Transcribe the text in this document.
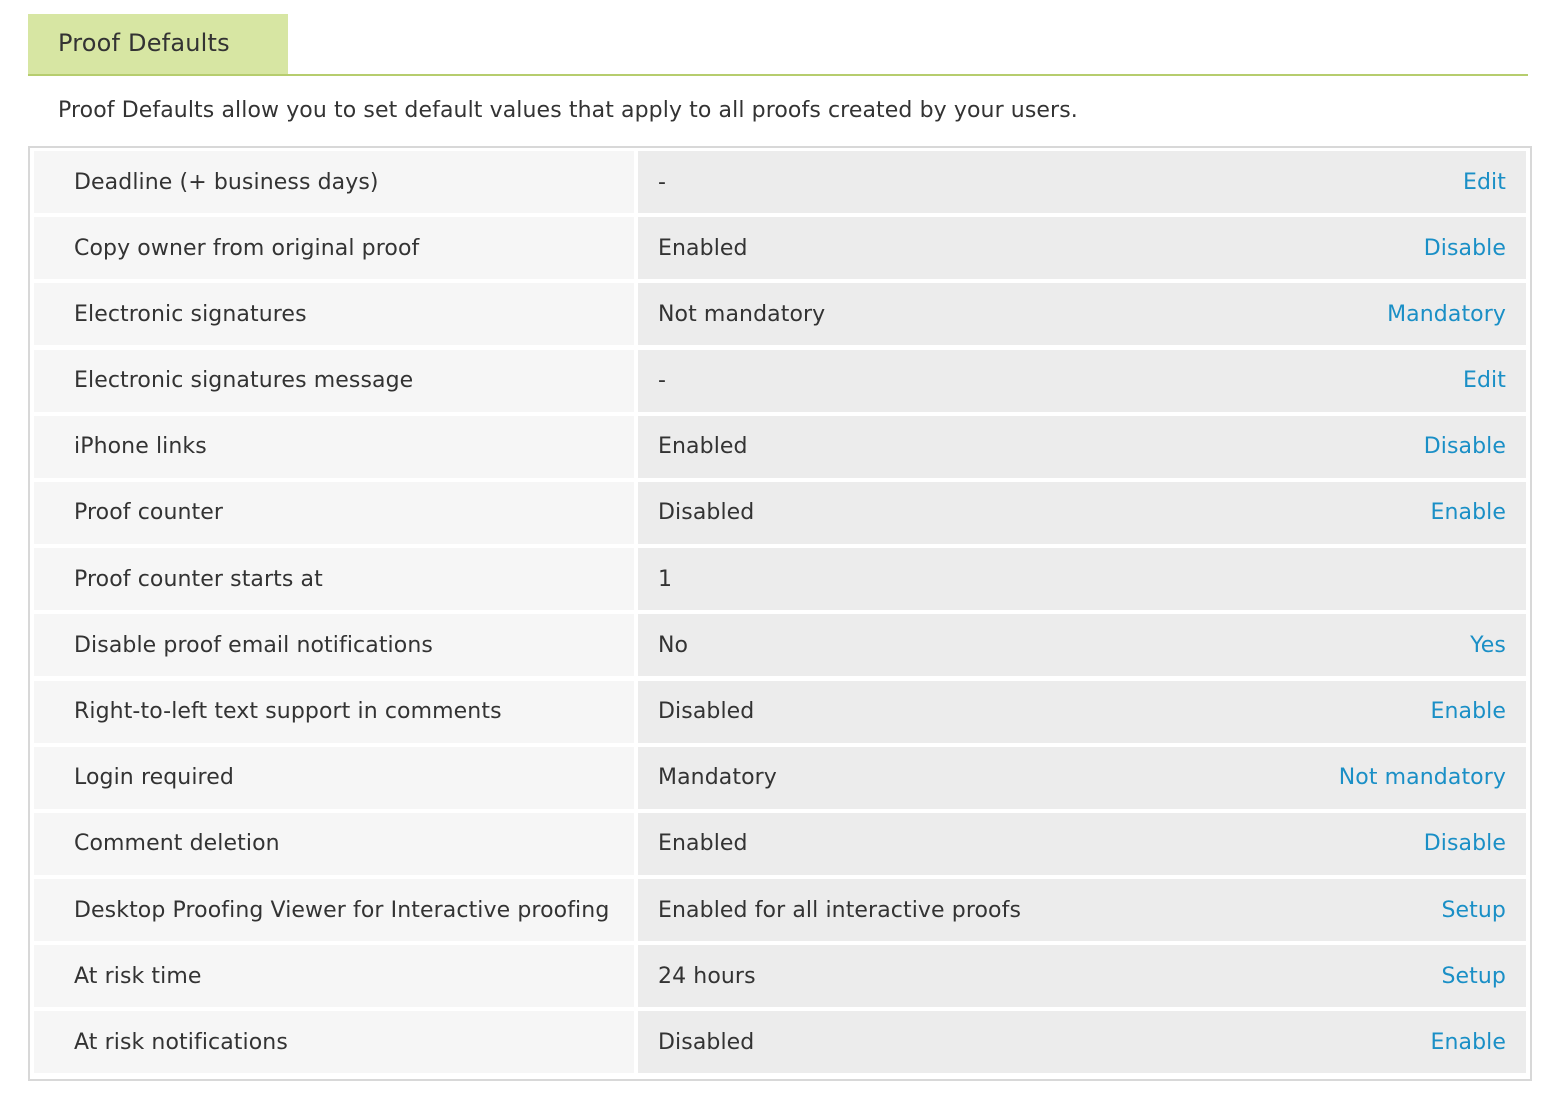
Proof Defaults
Proof Defaults allow you to set default values that apply to all proofs created by your users.
Deadline (+ business days)	-	Edit
Copy owner from original proof	Enabled	Disable
Electronic signatures	Not mandatory	Mandatory
Electronic signatures message	-	Edit
iPhone links	Enabled	Disable
Proof counter	Disabled	Enable
Proof counter starts at	1
Disable proof email notifications	No	Yes
Right-to-left text support in comments	Disabled	Enable
Login required	Mandatory	Not mandatory
Comment deletion	Enabled	Disable
Desktop Proofing Viewer for Interactive proofing	Enabled for all interactive proofs	Setup
At risk time	24 hours	Setup
At risk notifications	Disabled	Enable
